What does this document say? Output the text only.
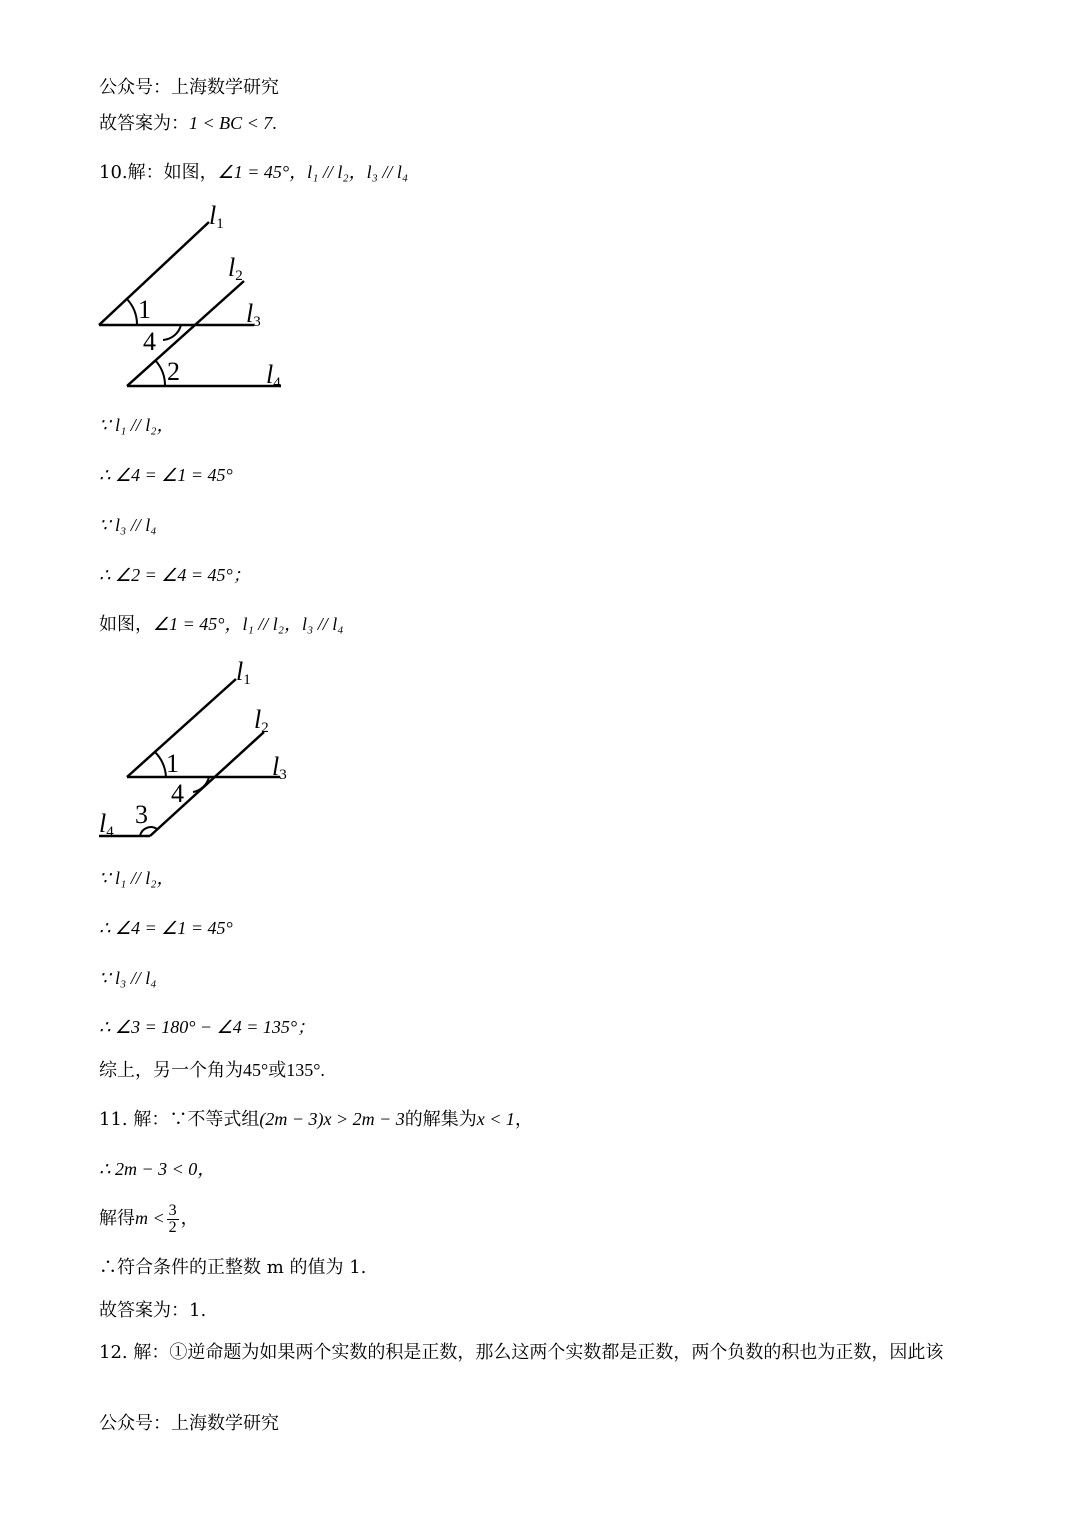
公众号：上海数学研究
故答案为：1 < BC < 7.
10.解：如图，∠1 = 45°，l₁ // l₂，l₃ // l₄
l1
l2
l3
l4
1
4
2
∵ l₁ // l₂，
∴ ∠4 = ∠1 = 45°
∵ l₃ // l₄
∴ ∠2 = ∠4 = 45°；
如图，∠1 = 45°，l₁ // l₂，l₃ // l₄
l1
l2
l3
l4
1
4
3
∵ l₁ // l₂，
∴ ∠4 = ∠1 = 45°
∵ l₃ // l₄
∴ ∠3 = 180° − ∠4 = 135°；
综上，另一个角为45°或135°.
11. 解：∵不等式组(2m − 3)x > 2m − 3的解集为x < 1，
∴ 2m − 3 < 0，
解得$m < \frac{3}{2}$ ，
∴符合条件的正整数 m 的值为 1.
故答案为：1.
12. 解：①逆命题为如果两个实数的积是正数，那么这两个实数都是正数，两个负数的积也为正数，因此该
公众号：上海数学研究
